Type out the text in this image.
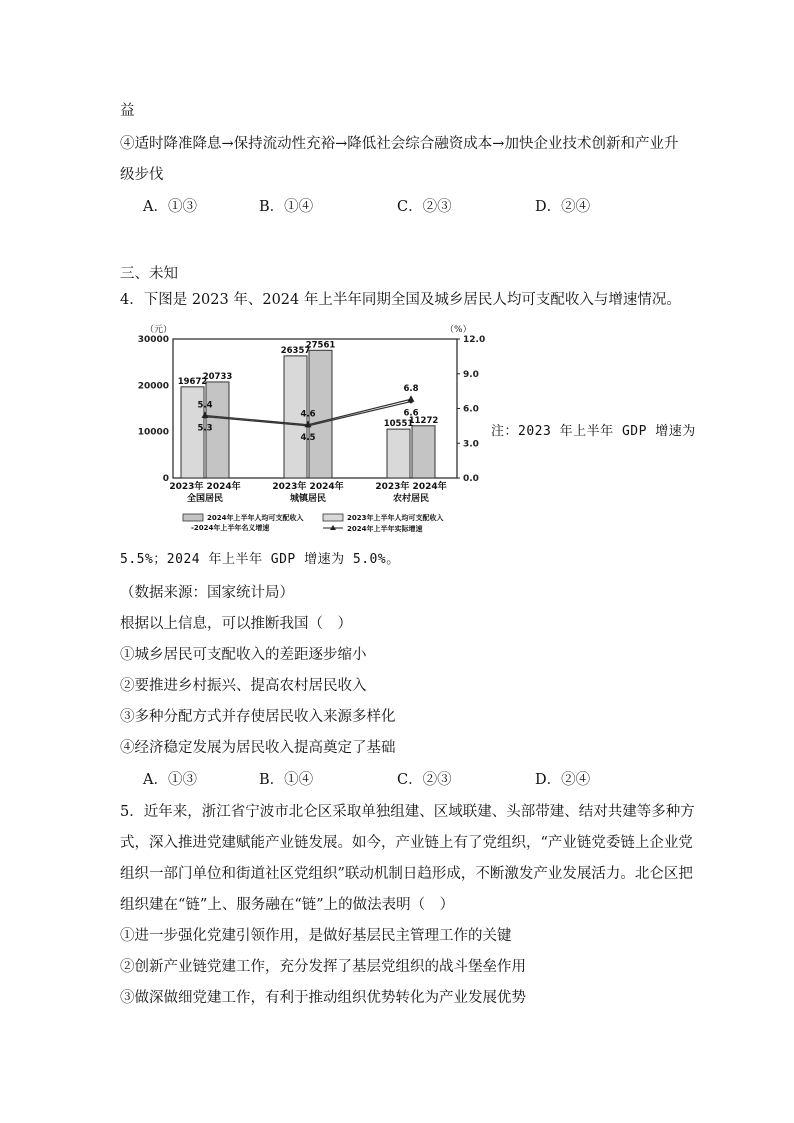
益
④适时降准降息→保持流动性充裕→降低社会综合融资成本→加快企业技术创新和产业升
级步伐
A．①③	B．①④	C．②③	D．②④
三、未知
4．下图是 2023 年、2024 年上半年同期全国及城乡居民人均可支配收入与增速情况。
（元）	（%）
30000
20000
10000
0
12.0
9.0
6.0
3.0
0.0
19672
20733
2023年 2024年
全国居民
26357
27561
2023年 2024年
城镇居民
10551
11272
2023年 2024年
农村居民
5.4
4.6
6.8
5.3
4.5
6.6
2024年上半年人均可支配收入
-2024年上半年名义增速
2023年上半年人均可支配收入
2024年上半年实际增速
注：2023 年上半年 GDP 增速为
5.5%；2024 年上半年 GDP 增速为 5.0%。
（数据来源：国家统计局）
根据以上信息，可以推断我国（　）
①城乡居民可支配收入的差距逐步缩小
②要推进乡村振兴、提高农村居民收入
③多种分配方式并存使居民收入来源多样化
④经济稳定发展为居民收入提高奠定了基础
A．①③	B．①④	C．②③	D．②④
5．近年来，浙江省宁波市北仑区采取单独组建、区域联建、头部带建、结对共建等多种方
式，深入推进党建赋能产业链发展。如今，产业链上有了党组织，“产业链党委链上企业党
组织一部门单位和街道社区党组织”联动机制日趋形成，不断激发产业发展活力。北仑区把
组织建在“链”上、服务融在“链”上的做法表明（　）
①进一步强化党建引领作用，是做好基层民主管理工作的关键
②创新产业链党建工作，充分发挥了基层党组织的战斗堡垒作用
③做深做细党建工作，有利于推动组织优势转化为产业发展优势
